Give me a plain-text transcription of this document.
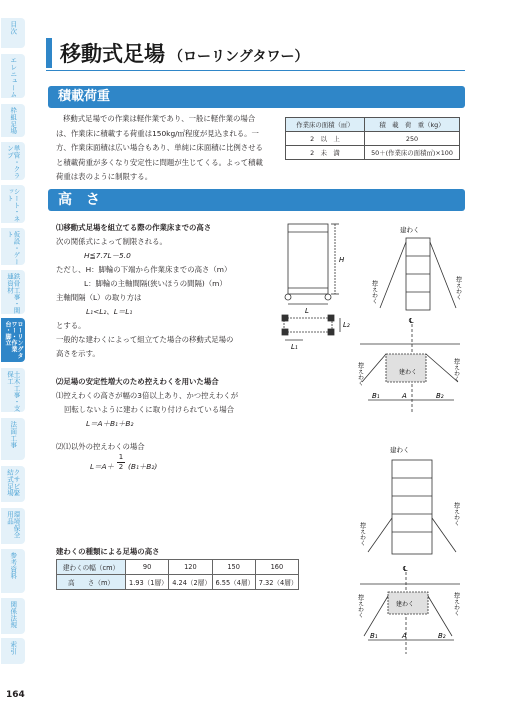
目次
エレニューム
枠組足場
単管・クランプ
シート・ネット
仮設・ゲート
鉄骨工事・関連資材
ローリングタワー・作業台・脚立
土木工事・支保工
法面工事
クサビ緊結式足場
環境保全用品
参考資料
関係法規
索引
164
移動式足場 （ローリングタワー）
積載荷重
移動式足場での作業は軽作業であり、一般に軽作業の場合は、作業床に積載する荷重は150kg/㎡程度が見込まれる。一方、作業床面積は広い場合もあり、単純に床面積に比例させると積載荷重が多くなり安定性に問題が生じてくる。よって積載荷重は表のように制限する。
作業床の面積（㎡）	積　載　荷　重（kg）
2　以　上	250
2　未　満	50＋(作業床の面積㎡)×100
高　さ
⑴移動式足場を組立てる際の作業床までの高さ
次の関係式によって制限される。
H≦7.7L－5.0
ただし、H：脚輪の下端から作業床までの高さ（m）
L：脚輪の主軸間隔(狭いほうの間隔)（m）
主軸間隔（L）の取り方は
L₁<L₂、L＝L₁
とする。
一般的な建わくによって組立てた場合の移動式足場の
高さを示す。
⑵足場の安定性増大のため控えわくを用いた場合
⑴控えわくの高さが幅の3倍以上あり、かつ控えわくが
回転しないように建わくに取り付けられている場合
L＝A＋B₁＋B₂
⑵⑴以外の控えわくの場合
$L=A+ \frac{1}{2} (B_1+B_2)$
建わくの種類による足場の高さ
建わくの幅（cm）	90	120	150	160
高　　さ（m）	1.93（1層）	4.24（2層）	6.55（4層）	7.32（4層）
H
L
L₂
L₁
建わく
控えわく	控えわく
℄
建わく
控えわく	控えわく
B₁	A	B₂
建わく
控えわく
控えわく
℄
建わく
控えわく	控えわく
B₁	A	B₂
